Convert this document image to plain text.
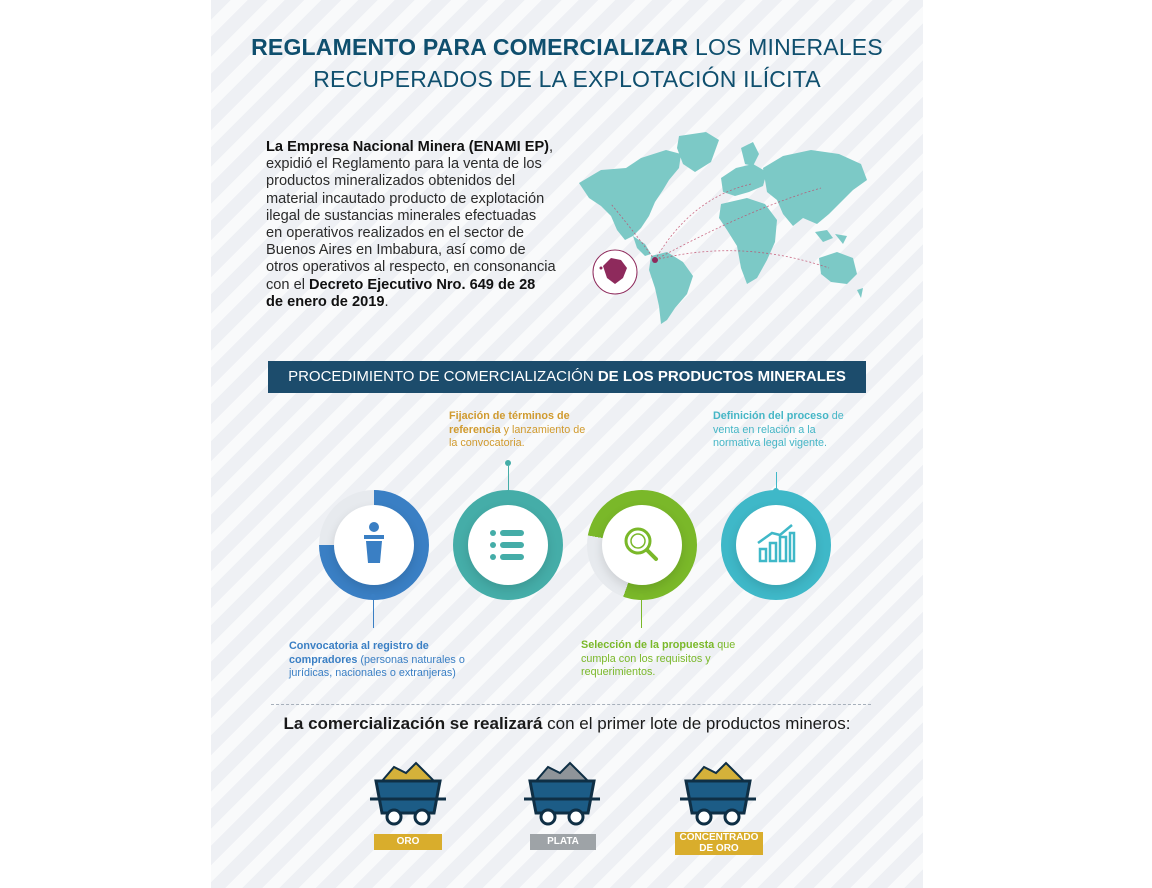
REGLAMENTO PARA COMERCIALIZAR LOS MINERALES
RECUPERADOS DE LA EXPLOTACIÓN ILÍCITA
La Empresa Nacional Minera (ENAMI EP), expidió el Reglamento para la venta de los productos mineralizados obtenidos del material incautado producto de explotación ilegal de sustancias minerales efectuadas en operativos realizados en el sector de Buenos Aires en Imbabura, así como de otros operativos al respecto, en consonancia con el Decreto Ejecutivo Nro. 649 de 28 de enero de 2019.
PROCEDIMIENTO DE COMERCIALIZACIÓN DE LOS PRODUCTOS MINERALES
Fijación de términos de referencia y lanzamiento de la convocatoria.
Definición del proceso de venta en relación a la normativa legal vigente.
Convocatoria al registro de compradores (personas naturales o jurídicas, nacionales o extranjeras)
Selección de la propuesta que cumpla con los requisitos y requerimientos.
La comercialización se realizará con el primer lote de productos mineros:
ORO	PLATA	CONCENTRADO
DE ORO
